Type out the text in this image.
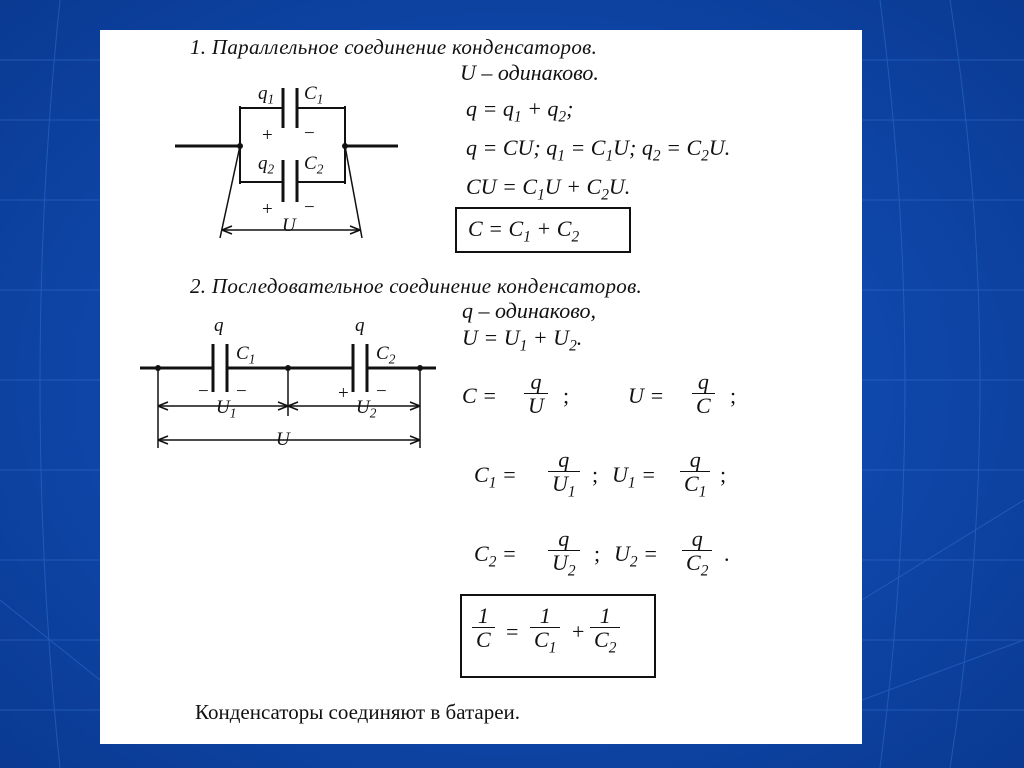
1. Параллельное соединение конденсаторов.
U – одинаково.
$q_1$ $C_1$
+ −
$q_2$ $C_2$
+ −
U
$q = q_1 + q_2$;
q = CU; $q_1 = C_1U$; $q_2 = C_2U$.
CU = $C_1U + C_2U$.
$C = C_1 + C_2$
2. Последовательное соединение конденсаторов.
q – одинаково,
$U = U_1 + U_2$.
q	q
$C_1$	$C_2$
− −	+ −
$U_1$	$U_2$
U
$C = \frac{q}{U}$ ;	$U = \frac{q}{C}$ ;
$C_1 = \frac{q}{U_1}$ ; $U_1 = \frac{q}{C_1}$ ;
$C_2 = \frac{q}{U_2}$ ; $U_2 = \frac{q}{C_2}$ .
$\frac{1}{C} = \frac{1}{C_1} + \frac{1}{C_2}$
Конденсаторы соединяют в батареи.
